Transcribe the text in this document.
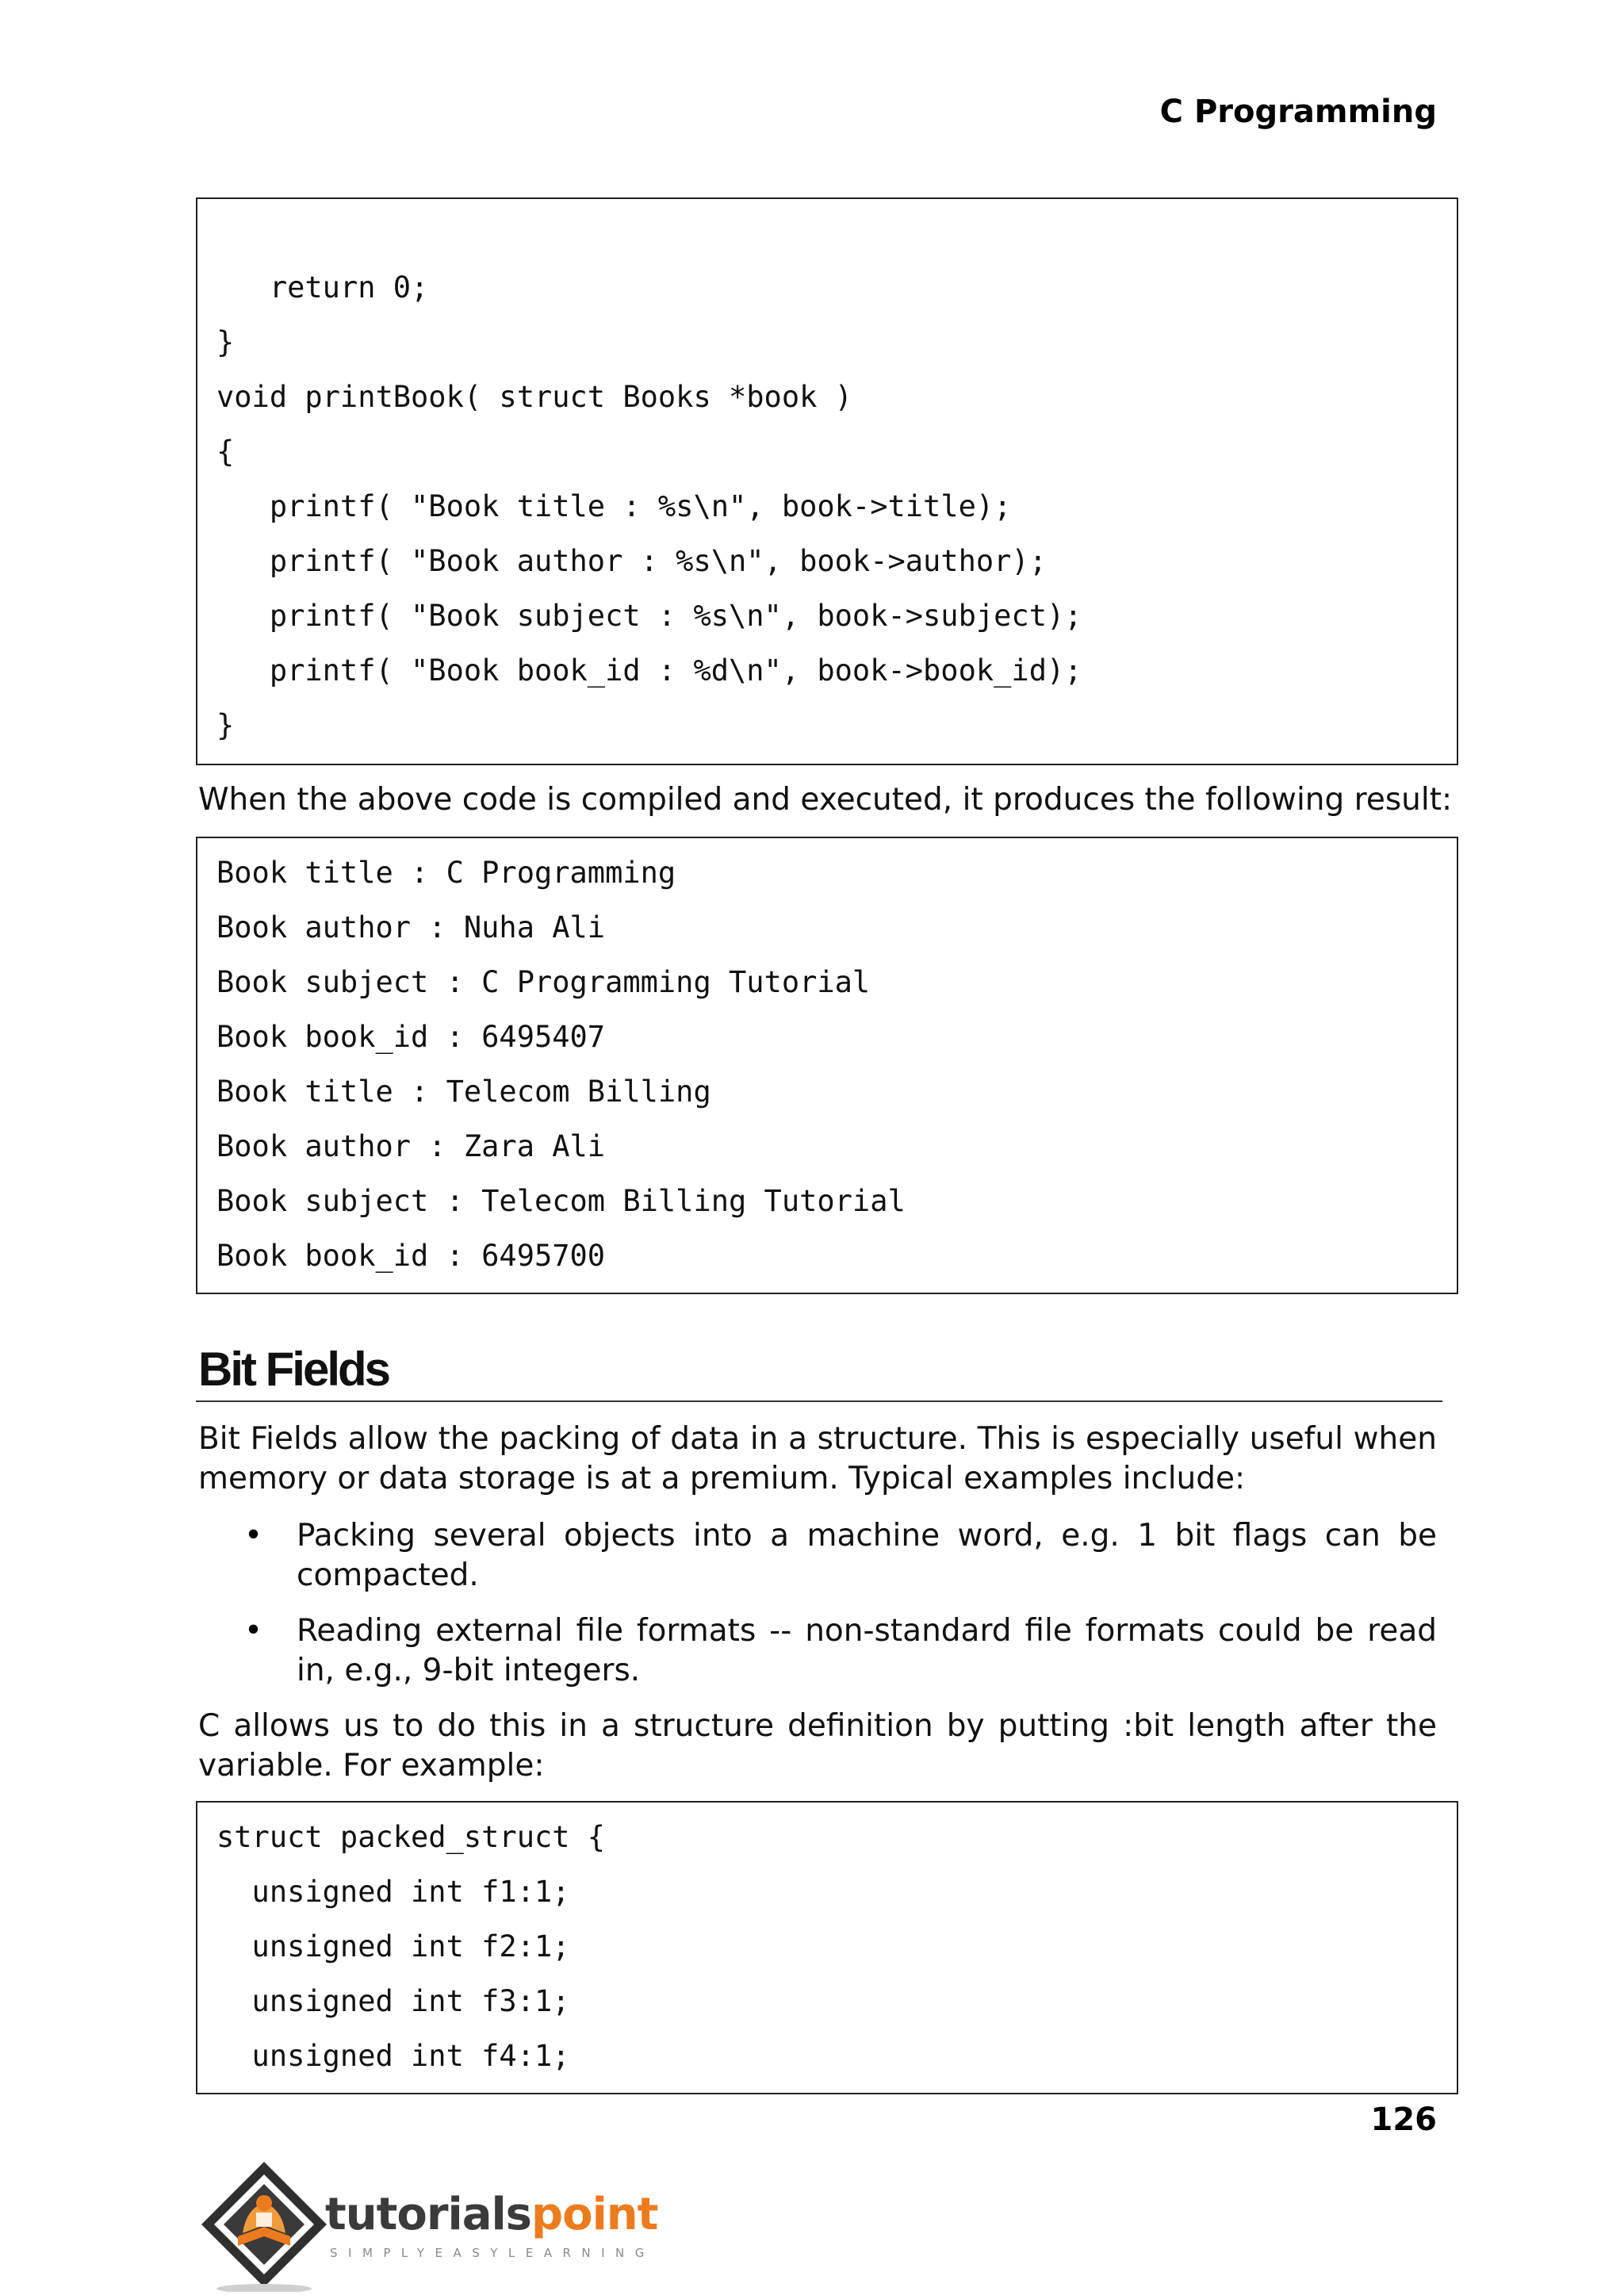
C Programming
return 0;
}
void printBook( struct Books *book )
{
printf( "Book title : %s\n", book->title);
printf( "Book author : %s\n", book->author);
printf( "Book subject : %s\n", book->subject);
printf( "Book book_id : %d\n", book->book_id);
}
When the above code is compiled and executed, it produces the following result:
Book title : C Programming
Book author : Nuha Ali
Book subject : C Programming Tutorial
Book book_id : 6495407
Book title : Telecom Billing
Book author : Zara Ali
Book subject : Telecom Billing Tutorial
Book book_id : 6495700
Bit Fields
Bit Fields allow the packing of data in a structure. This is especially useful when memory or data storage is at a premium. Typical examples include:
• Packing several objects into a machine word, e.g. 1 bit flags can be compacted.
• Reading external file formats -- non-standard file formats could be read in, e.g., 9-bit integers.
C allows us to do this in a structure definition by putting :bit length after the variable. For example:
struct packed_struct {
unsigned int f1:1;
unsigned int f2:1;
unsigned int f3:1;
unsigned int f4:1;
126
tutorialspoint
SIMPLYEASYLEARNING
